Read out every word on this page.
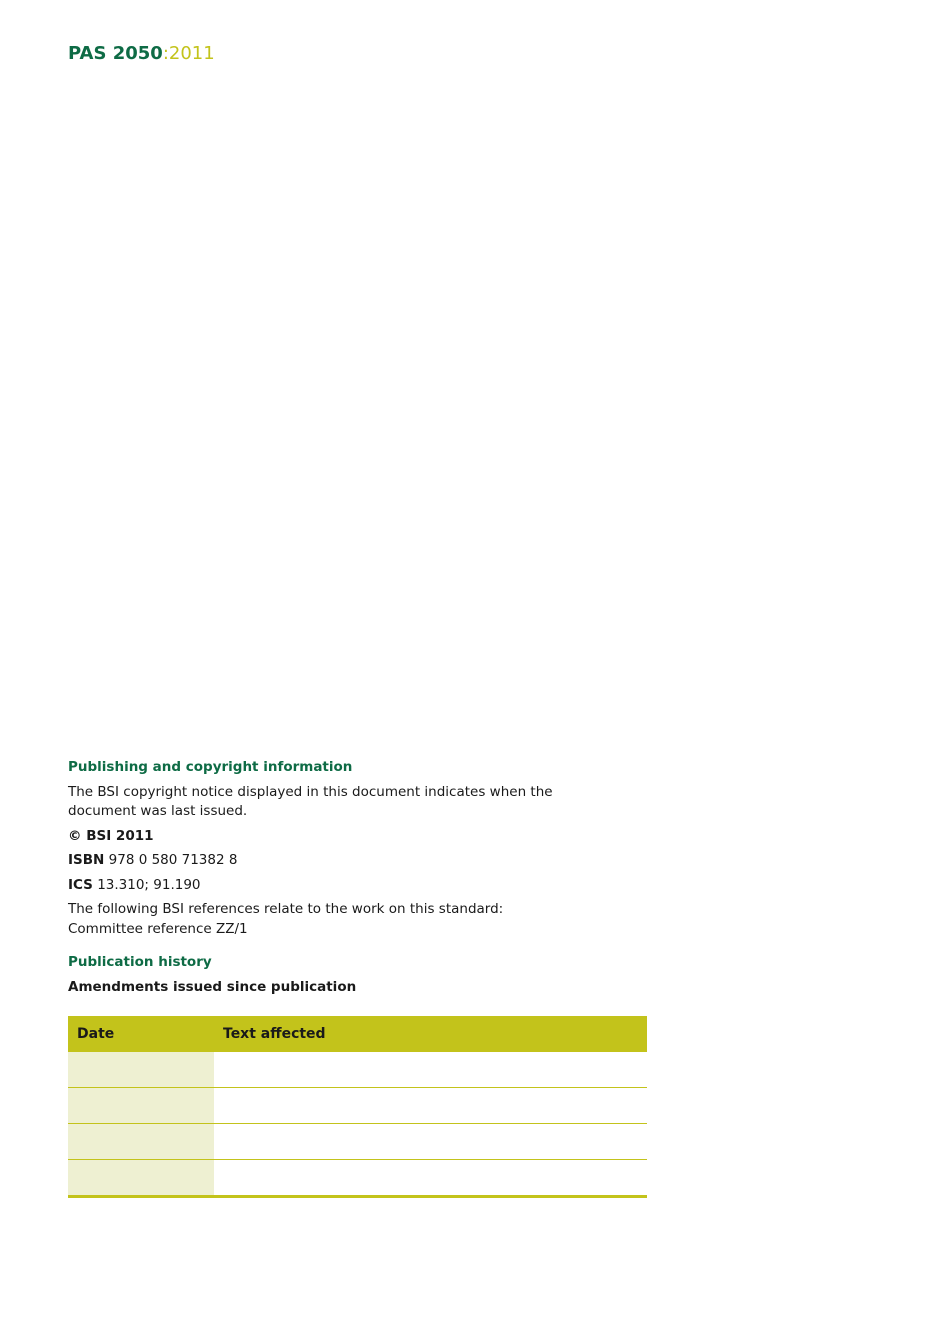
PAS 2050:2011
Publishing and copyright information

The BSI copyright notice displayed in this document indicates when the

document was last issued.

© BSI 2011

ISBN 978 0 580 71382 8

ICS 13.310; 91.190

The following BSI references relate to the work on this standard:

Committee reference ZZ/1

Publication history
Amendments issued since publication
Date	Text affected
